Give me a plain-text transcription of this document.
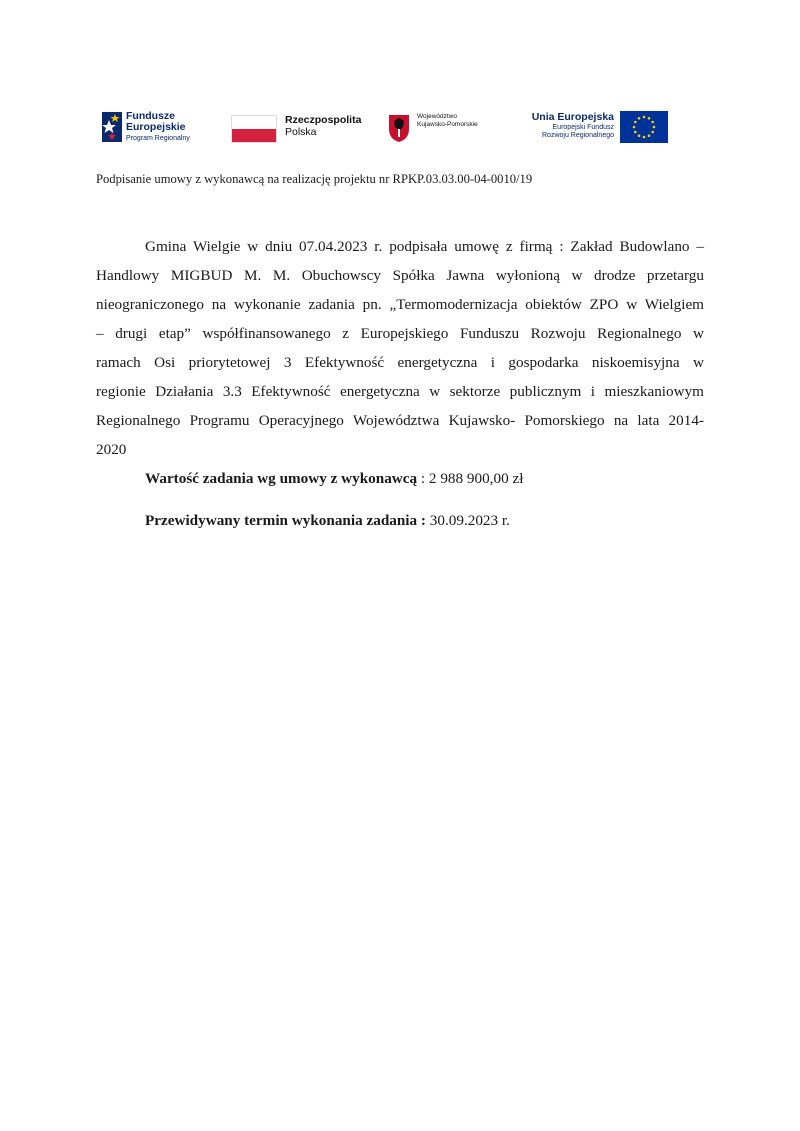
Fundusze
Europejskie
Program Regionalny
Rzeczpospolita
Polska
Województwo
Kujawsko-Pomorskie
Unia Europejska
Europejski Fundusz
Rozwoju Regionalnego
Podpisanie umowy z wykonawcą na realizację projektu nr RPKP.03.03.00-04-0010/19
Gmina Wielgie w dniu 07.04.2023 r. podpisała umowę z firmą : Zakład Budowlano –
Handlowy MIGBUD M. M. Obuchowscy Spółka Jawna wyłonioną w drodze przetargu
nieograniczonego na wykonanie zadania pn. „Termomodernizacja obiektów ZPO w Wielgiem
– drugi etap” współfinansowanego z Europejskiego Funduszu Rozwoju Regionalnego w
ramach Osi priorytetowej 3 Efektywność energetyczna i gospodarka niskoemisyjna w
regionie Działania 3.3 Efektywność energetyczna w sektorze publicznym i mieszkaniowym
Regionalnego Programu Operacyjnego Województwa Kujawsko- Pomorskiego na lata 2014-
2020
Wartość zadania wg umowy z wykonawcą : 2 988 900,00 zł
Przewidywany termin wykonania zadania : 30.09.2023 r.
